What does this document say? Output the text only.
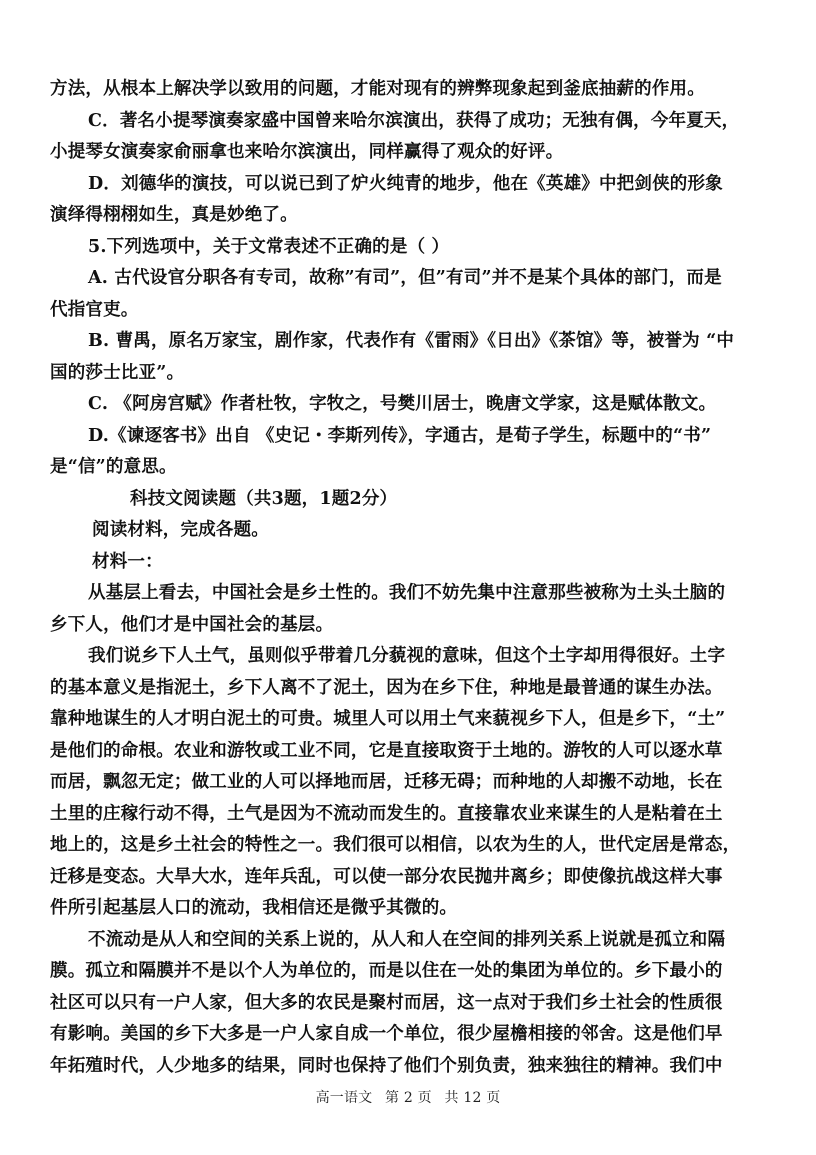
方法，从根本上解决学以致用的问题，才能对现有的辨弊现象起到釜底抽薪的作用。
C．著名小提琴演奏家盛中国曾来哈尔滨演出，获得了成功；无独有偶，今年夏天，
小提琴女演奏家俞丽拿也来哈尔滨演出，同样赢得了观众的好评。
D．刘德华的演技，可以说已到了炉火纯青的地步，他在《英雄》中把剑侠的形象
演绎得栩栩如生，真是妙绝了。
5.下列选项中，关于文常表述不正确的是（ ）
A. 古代设官分职各有专司，故称”有司”，但”有司”并不是某个具体的部门，而是
代指官吏。
B. 曹禺，原名万家宝，剧作家，代表作有《雷雨》《日出》《茶馆》等，被誉为 “中
国的莎士比亚”。
C. 《阿房宫赋》作者杜牧，字牧之，号樊川居士，晚唐文学家，这是赋体散文。
D.《谏逐客书》出自 《史记・李斯列传》，字通古，是荀子学生，标题中的“书”
是“信”的意思。
科技文阅读题（共3题，1题2分）
阅读材料，完成各题。
材料一：
从基层上看去，中国社会是乡土性的。我们不妨先集中注意那些被称为土头土脑的
乡下人，他们才是中国社会的基层。
我们说乡下人土气，虽则似乎带着几分藐视的意味，但这个土字却用得很好。土字
的基本意义是指泥土，乡下人离不了泥土，因为在乡下住，种地是最普通的谋生办法。
靠种地谋生的人才明白泥土的可贵。城里人可以用土气来藐视乡下人，但是乡下，“土”
是他们的命根。农业和游牧或工业不同，它是直接取资于土地的。游牧的人可以逐水草
而居，飘忽无定；做工业的人可以择地而居，迁移无碍；而种地的人却搬不动地，长在
土里的庄稼行动不得，土气是因为不流动而发生的。直接靠农业来谋生的人是粘着在土
地上的，这是乡土社会的特性之一。我们很可以相信，以农为生的人，世代定居是常态，
迁移是变态。大旱大水，连年兵乱，可以使一部分农民抛井离乡；即使像抗战这样大事
件所引起基层人口的流动，我相信还是微乎其微的。
不流动是从人和空间的关系上说的，从人和人在空间的排列关系上说就是孤立和隔
膜。孤立和隔膜并不是以个人为单位的，而是以住在一处的集团为单位的。乡下最小的
社区可以只有一户人家，但大多的农民是聚村而居，这一点对于我们乡土社会的性质很
有影响。美国的乡下大多是一户人家自成一个单位，很少屋檐相接的邻舍。这是他们早
年拓殖时代，人少地多的结果，同时也保持了他们个别负责，独来独往的精神。我们中
高一语文 第 2 页 共 12 页
